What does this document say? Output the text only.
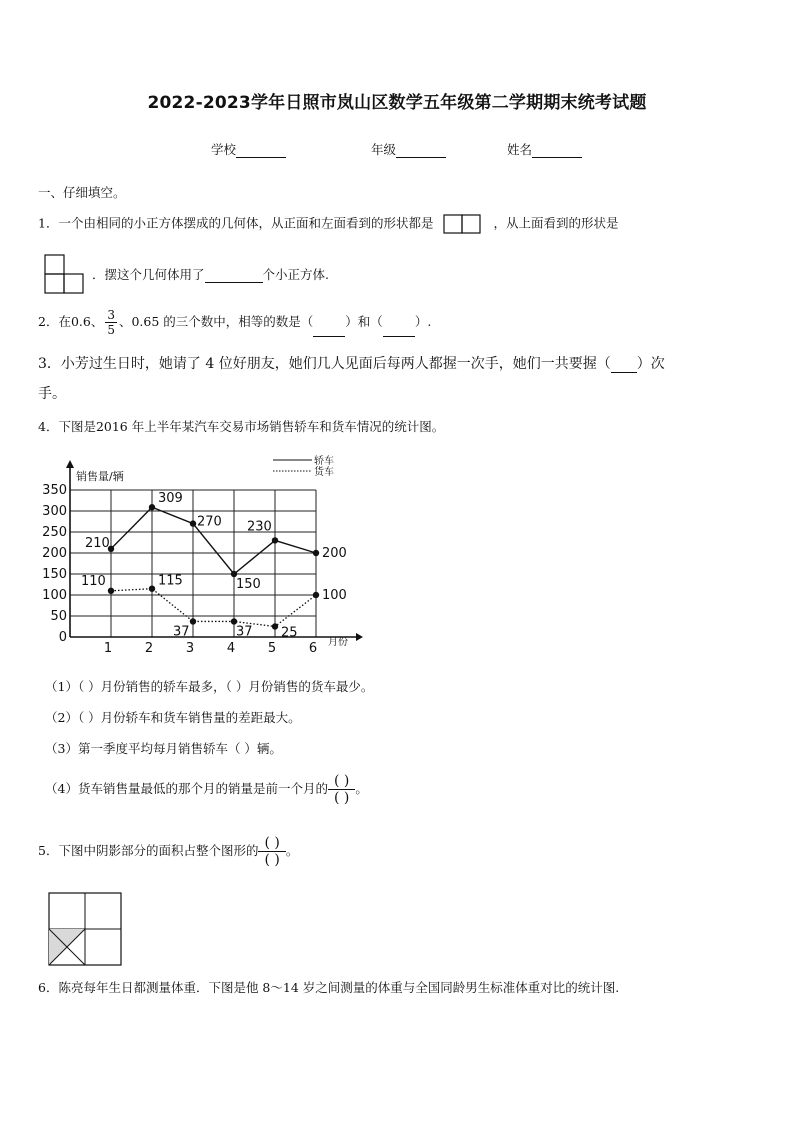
2022-2023学年日照市岚山区数学五年级第二学期期末统考试题
学校	年级	姓名
一、仔细填空。
1．一个由相同的小正方体摆成的几何体，从正面和左面看到的形状都是	，从上面看到的形状是
．摆这个几何体用了	个小正方体.
2．在0.6、 $\frac{3}{5}$ 、0.65 的三个数中，相等的数是（	）和（	）.
3．小芳过生日时，她请了 4 位好朋友，她们几人见面后每两人都握一次手，她们一共要握（ ）次
手。
4．下图是2016 年上半年某汽车交易市场销售轿车和货车情况的统计图。
0
50
100
150
200
250
300
350
1	2	3	4	5	6
销售量/辆
月份
轿车
货车
210
309
270
150
230
200
110	115
37	37 25
100
（1）（ ）月份销售的轿车最多，（ ）月份销售的货车最少。
（2）（ ）月份轿车和货车销售量的差距最大。
（3）第一季度平均每月销售轿车（ ）辆。
（4）货车销售量最低的那个月的销量是前一个月的 $\frac{( )}{( )}$ 。
5．下图中阴影部分的面积占整个图形的 $\frac{( )}{( )}$ 。
6．陈亮每年生日都测量体重．下图是他 8～14 岁之间测量的体重与全国同龄男生标准体重对比的统计图.
